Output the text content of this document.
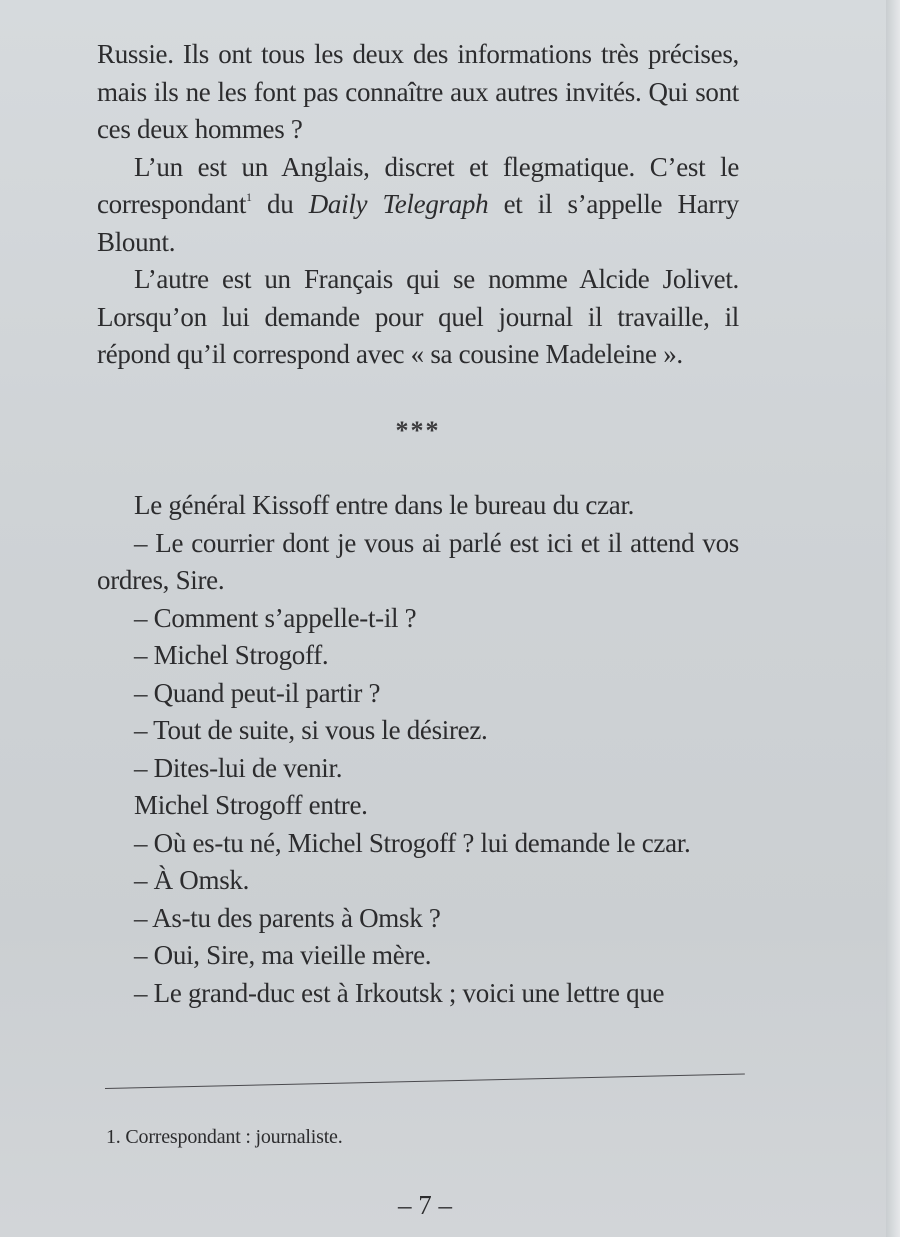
Russie. Ils ont tous les deux des informations très précises, mais ils ne les font pas connaître aux autres invités. Qui sont ces deux hommes ?

L’un est un Anglais, discret et flegmatique. C’est le correspondant$^1$ du Daily Telegraph et il s’appelle Harry Blount.

L’autre est un Français qui se nomme Alcide Jolivet. Lorsqu’on lui demande pour quel journal il travaille, il répond qu’il correspond avec « sa cousine Madeleine ».

***

Le général Kissoff entre dans le bureau du czar.

– Le courrier dont je vous ai parlé est ici et il attend vos ordres, Sire.

– Comment s’appelle-t-il ?

– Michel Strogoff.

– Quand peut-il partir ?

– Tout de suite, si vous le désirez.

– Dites-lui de venir.

Michel Strogoff entre.

– Où es-tu né, Michel Strogoff ? lui demande le czar.

– À Omsk.

– As-tu des parents à Omsk ?

– Oui, Sire, ma vieille mère.

– Le grand-duc est à Irkoutsk ; voici une lettre que

1. Correspondant : journaliste.
– 7 –
